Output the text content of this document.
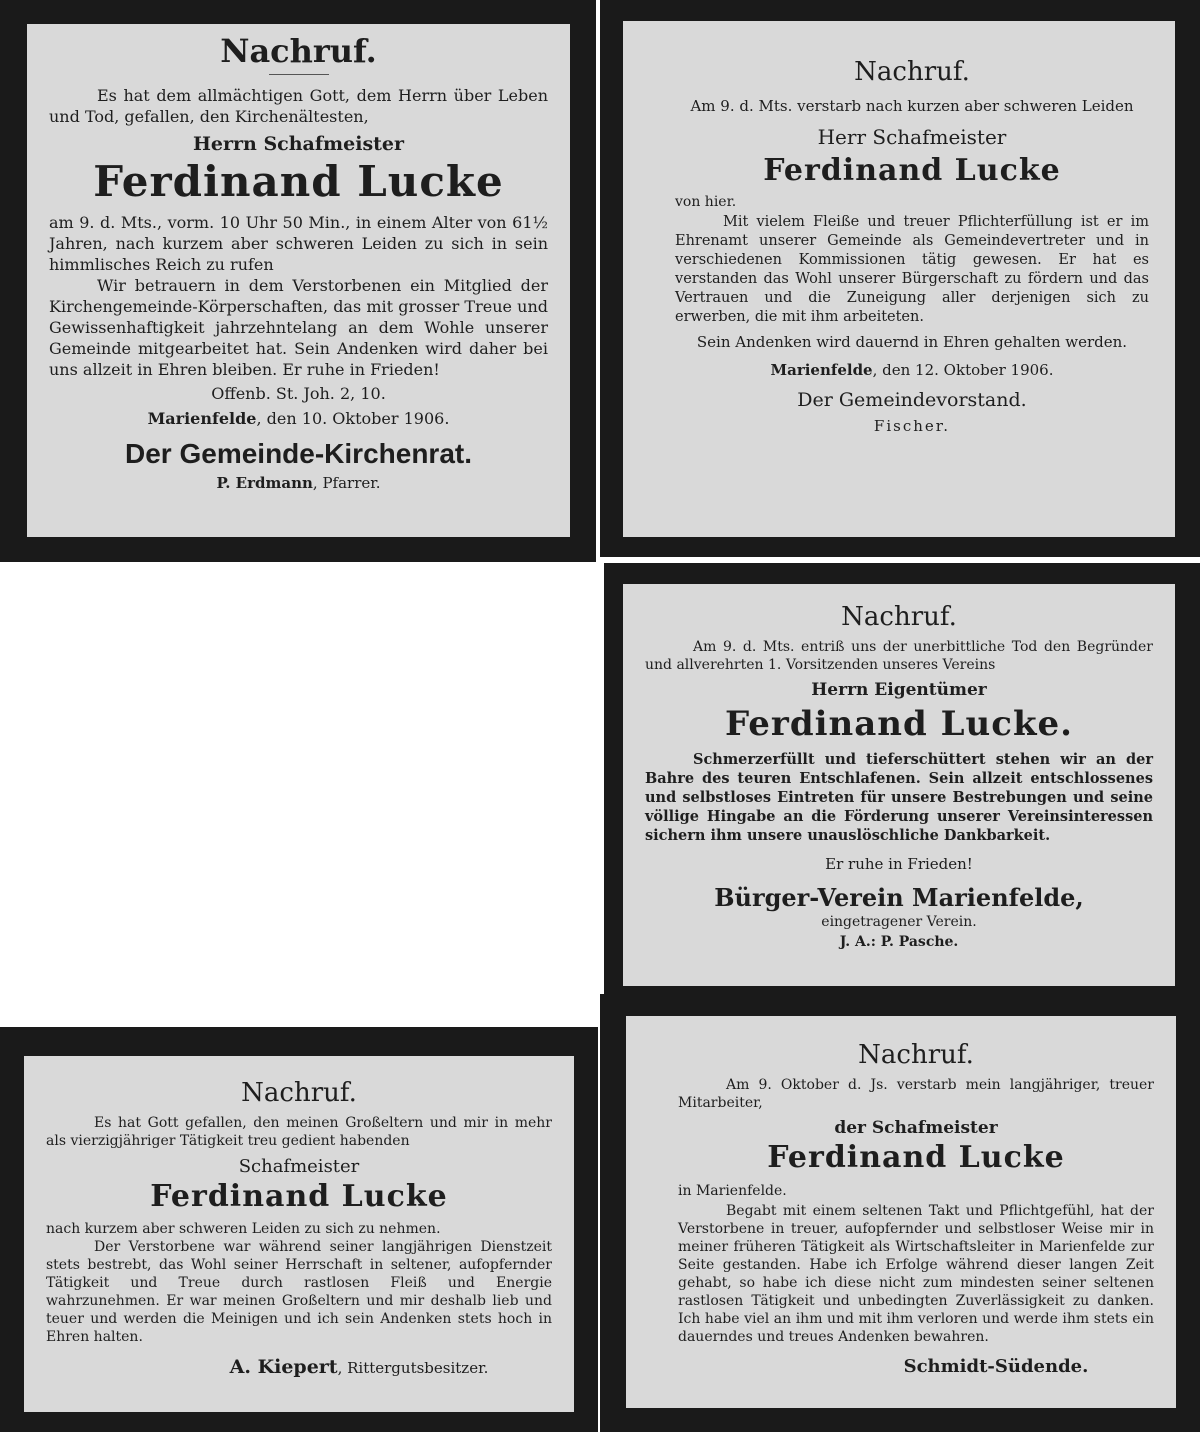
Nachruf.
Es hat dem allmächtigen Gott, dem Herrn über Leben und Tod, gefallen, den Kirchenältesten,
Herrn Schafmeister
Ferdinand Lucke
am 9. d. Mts., vorm. 10 Uhr 50 Min., in einem Alter von 61½ Jahren, nach kurzem aber schweren Leiden zu sich in sein himmlisches Reich zu rufen
Wir betrauern in dem Verstorbenen ein Mitglied der Kirchengemeinde-Körperschaften, das mit grosser Treue und Gewissenhaftigkeit jahrzehntelang an dem Wohle unserer Gemeinde mitgearbeitet hat. Sein Andenken wird daher bei uns allzeit in Ehren bleiben. Er ruhe in Frieden!
Offenb. St. Joh. 2, 10.
Marienfelde, den 10. Oktober 1906.
Der Gemeinde-Kirchenrat.
P. Erdmann, Pfarrer.
Nachruf.
Am 9. d. Mts. verstarb nach kurzen aber schweren Leiden
Herr Schafmeister
Ferdinand Lucke
von hier.
Mit vielem Fleiße und treuer Pflichterfüllung ist er im Ehrenamt unserer Gemeinde als Gemeindevertreter und in verschiedenen Kommissionen tätig gewesen. Er hat es verstanden das Wohl unserer Bürgerschaft zu fördern und das Vertrauen und die Zuneigung aller derjenigen sich zu erwerben, die mit ihm arbeiteten.
Sein Andenken wird dauernd in Ehren gehalten werden.
Marienfelde, den 12. Oktober 1906.
Der Gemeindevorstand.
Fischer.
Nachruf.
Am 9. d. Mts. entriß uns der unerbittliche Tod den Begründer und allverehrten 1. Vorsitzenden unseres Vereins
Herrn Eigentümer
Ferdinand Lucke.
Schmerzerfüllt und tieferschüttert stehen wir an der Bahre des teuren Entschlafenen. Sein allzeit entschlossenes und selbstloses Eintreten für unsere Bestrebungen und seine völlige Hingabe an die Förderung unserer Vereinsinteressen sichern ihm unsere unauslöschliche Dankbarkeit.
Er ruhe in Frieden!
Bürger-Verein Marienfelde,
eingetragener Verein.
J. A.: P. Pasche.
Nachruf.
Es hat Gott gefallen, den meinen Großeltern und mir in mehr als vierzigjähriger Tätigkeit treu gedient habenden
Schafmeister
Ferdinand Lucke
nach kurzem aber schweren Leiden zu sich zu nehmen.
Der Verstorbene war während seiner langjährigen Dienstzeit stets bestrebt, das Wohl seiner Herrschaft in seltener, aufopfernder Tätigkeit und Treue durch rastlosen Fleiß und Energie wahrzunehmen. Er war meinen Großeltern und mir deshalb lieb und teuer und werden die Meinigen und ich sein Andenken stets hoch in Ehren halten.
A. Kiepert, Rittergutsbesitzer.
Nachruf.
Am 9. Oktober d. Js. verstarb mein langjähriger, treuer Mitarbeiter,
der Schafmeister
Ferdinand Lucke
in Marienfelde.
Begabt mit einem seltenen Takt und Pflichtgefühl, hat der Verstorbene in treuer, aufopfernder und selbstloser Weise mir in meiner früheren Tätigkeit als Wirtschaftsleiter in Marienfelde zur Seite gestanden. Habe ich Erfolge während dieser langen Zeit gehabt, so habe ich diese nicht zum mindesten seiner seltenen rastlosen Tätigkeit und unbedingten Zuverlässigkeit zu danken. Ich habe viel an ihm und mit ihm verloren und werde ihm stets ein dauerndes und treues Andenken bewahren.
Schmidt-Südende.
